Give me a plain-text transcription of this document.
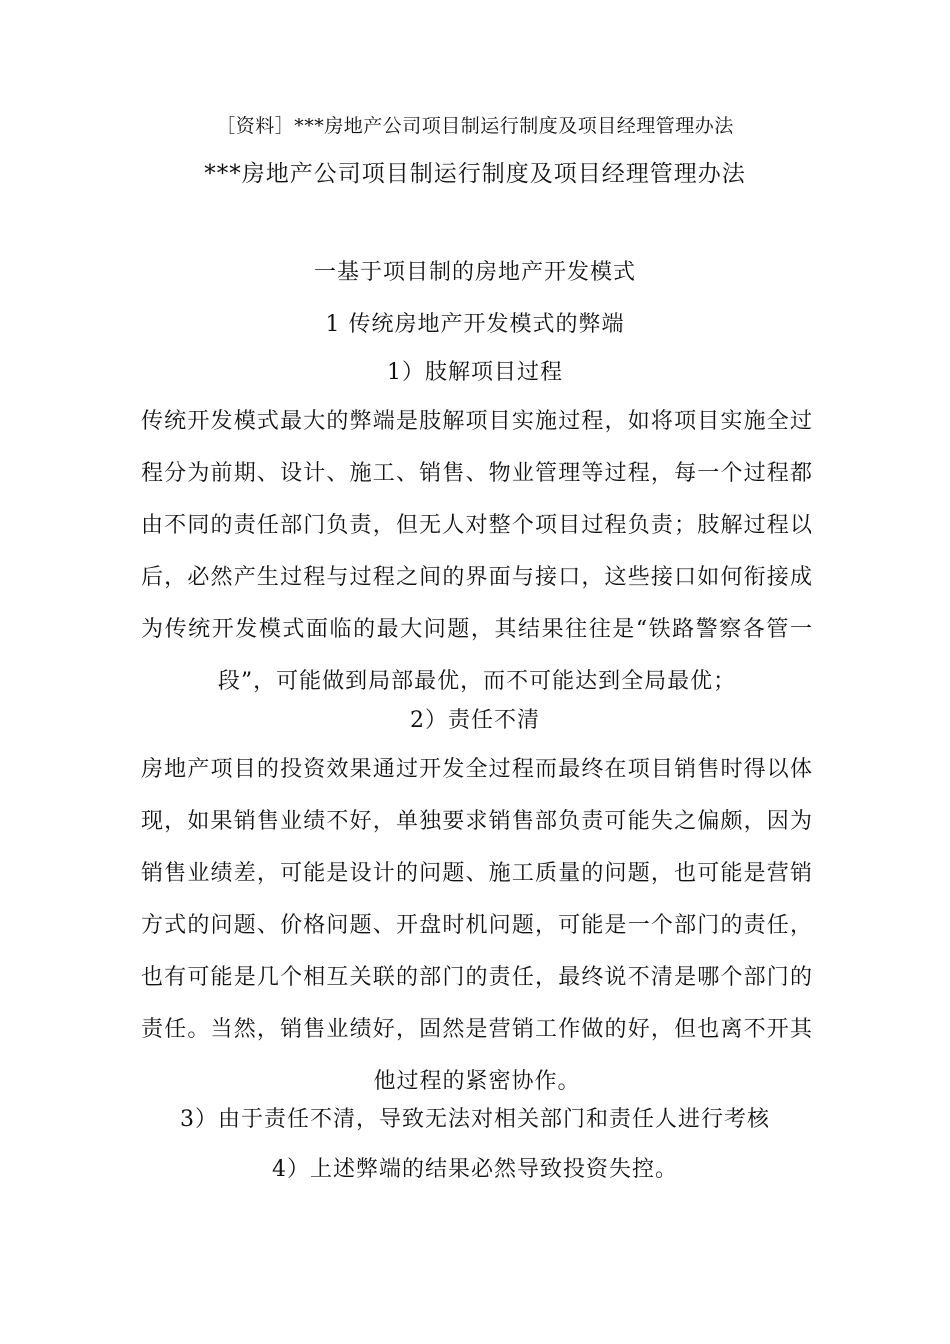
［资料］***房地产公司项目制运行制度及项目经理管理办法
***房地产公司项目制运行制度及项目经理管理办法
一基于项目制的房地产开发模式
1 传统房地产开发模式的弊端
1）肢解项目过程
传统开发模式最大的弊端是肢解项目实施过程，如将项目实施全过程分为前期、设计、施工、销售、物业管理等过程，每一个过程都由不同的责任部门负责，但无人对整个项目过程负责；肢解过程以后，必然产生过程与过程之间的界面与接口，这些接口如何衔接成为传统开发模式面临的最大问题，其结果往往是“铁路警察各管一段”，可能做到局部最优，而不可能达到全局最优；
2）责任不清
房地产项目的投资效果通过开发全过程而最终在项目销售时得以体现，如果销售业绩不好，单独要求销售部负责可能失之偏颇，因为销售业绩差，可能是设计的问题、施工质量的问题，也可能是营销方式的问题、价格问题、开盘时机问题，可能是一个部门的责任，也有可能是几个相互关联的部门的责任，最终说不清是哪个部门的责任。当然，销售业绩好，固然是营销工作做的好，但也离不开其他过程的紧密协作。
3）由于责任不清，导致无法对相关部门和责任人进行考核
4）上述弊端的结果必然导致投资失控。
